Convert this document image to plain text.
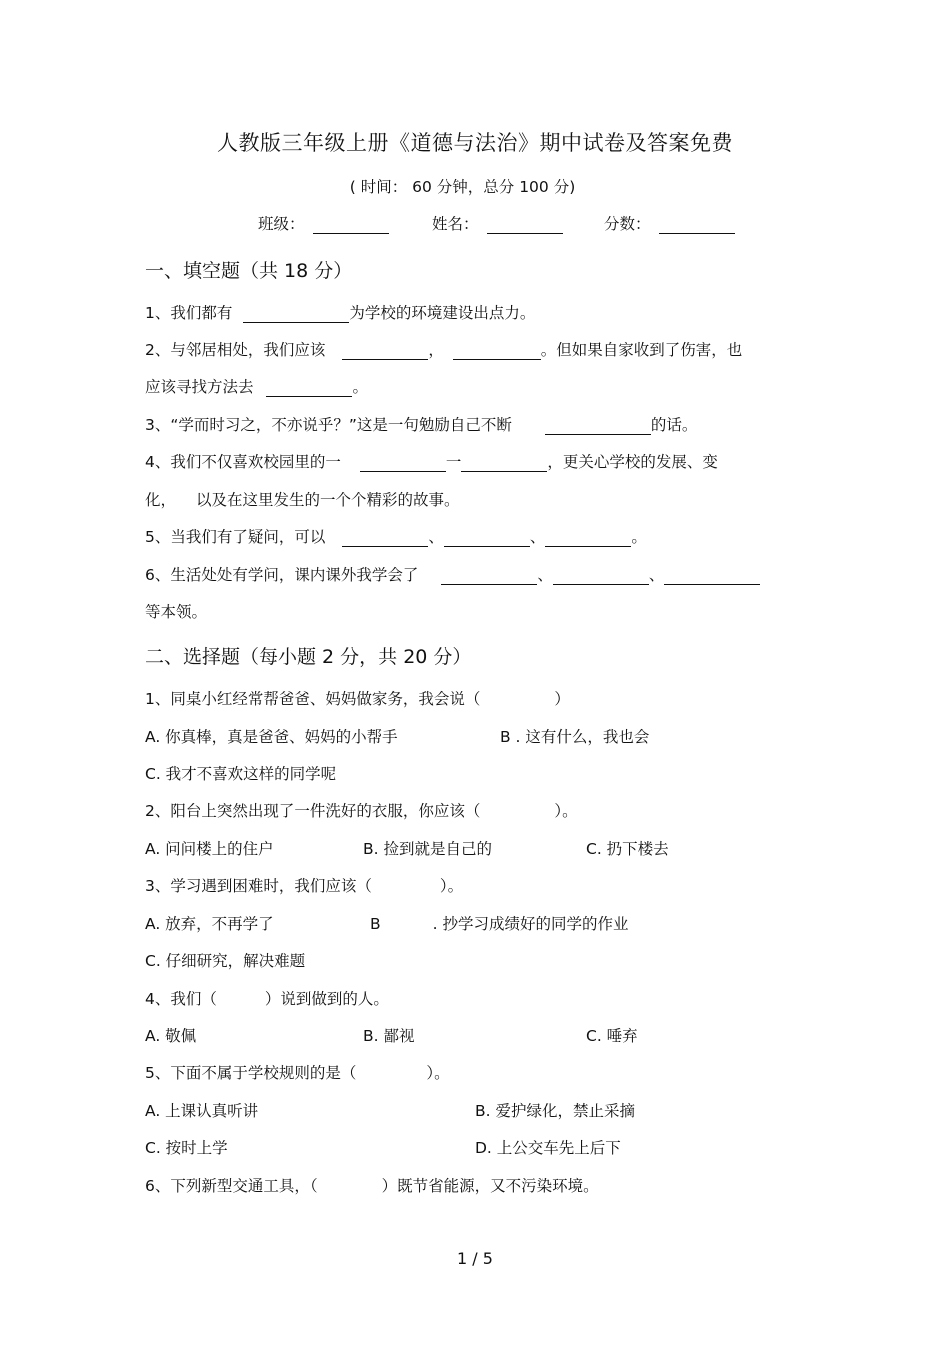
人教版三年级上册《道德与法治》期中试卷及答案免费
( 时间： 60 分钟，总分 100 分)
班级：	姓名：	分数：
一、填空题（共 18 分）
1、我们都有	为学校的环境建设出点力。
2、与邻居相处，我们应该	，	。但如果自家收到了伤害，也
应该寻找方法去	。
3、“学而时习之，不亦说乎？”这是一句勉励自己不断	的话。
4、我们不仅喜欢校园里的一	一	，更关心学校的发展、变
化， 以及在这里发生的一个个精彩的故事。
5、当我们有了疑问，可以	、	、	。
6、生活处处有学问，课内课外我学会了	、	、
等本领。
二、选择题（每小题 2 分，共 20 分）
1、同桌小红经常帮爸爸、妈妈做家务，我会说（	）
A. 你真棒，真是爸爸、妈妈的小帮手	B . 这有什么，我也会
C. 我才不喜欢这样的同学呢
2、阳台上突然出现了一件洗好的衣服，你应该（	）。
A. 问问楼上的住户	B. 捡到就是自己的	C. 扔下楼去
3、学习遇到困难时，我们应该（	）。
A. 放弃，不再学了	B	. 抄学习成绩好的同学的作业
C. 仔细研究，解决难题
4、我们（	）说到做到的人。
A. 敬佩	B. 鄙视	C. 唾弃
5、下面不属于学校规则的是（	）。
A. 上课认真听讲	B. 爱护绿化，禁止采摘
C. 按时上学	D. 上公交车先上后下
6、下列新型交通工具，（	）既节省能源，又不污染环境。
1 / 5
